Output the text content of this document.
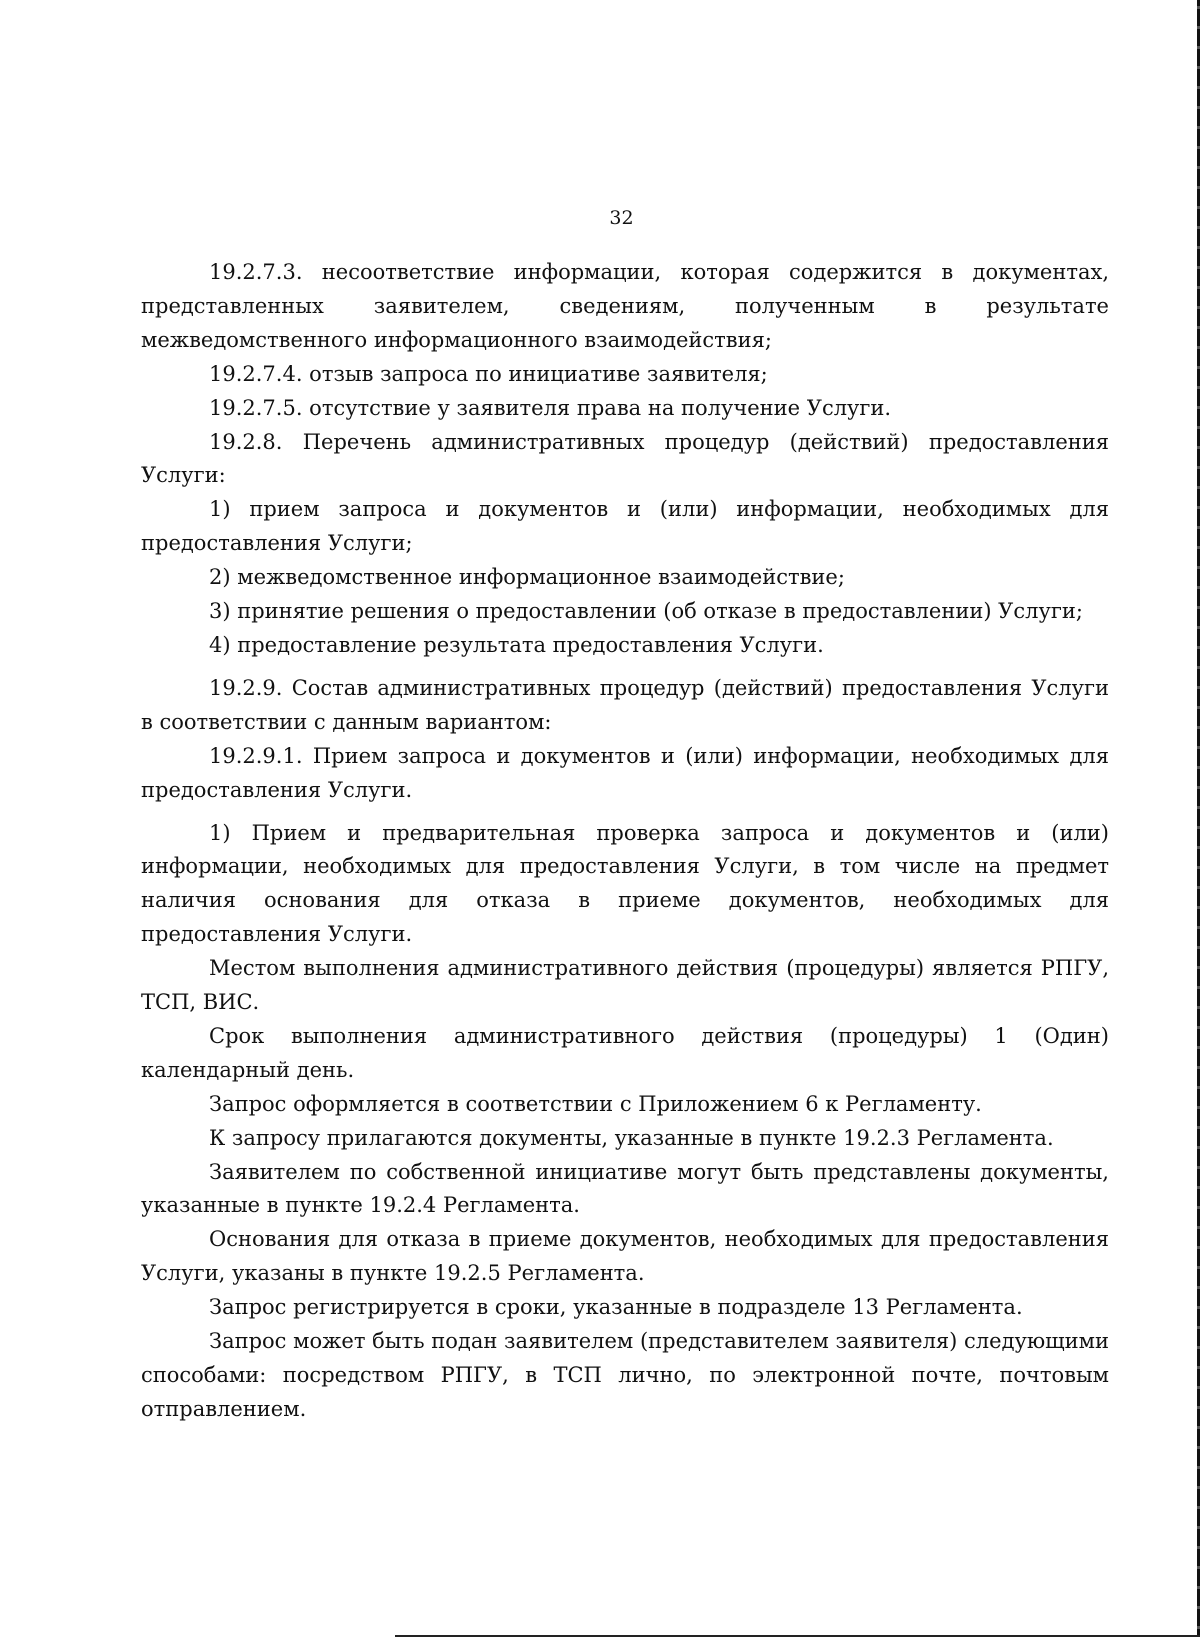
32

19.2.7.3. несоответствие информации, которая содержится в документах, представленных заявителем, сведениям, полученным в результате межведомственного информационного взаимодействия;

19.2.7.4. отзыв запроса по инициативе заявителя;

19.2.7.5. отсутствие у заявителя права на получение Услуги.

19.2.8. Перечень административных процедур (действий) предоставления Услуги:

1) прием запроса и документов и (или) информации, необходимых для предоставления Услуги;

2) межведомственное информационное взаимодействие;

3) принятие решения о предоставлении (об отказе в предоставлении) Услуги;

4) предоставление результата предоставления Услуги.

19.2.9. Состав административных процедур (действий) предоставления Услуги в соответствии с данным вариантом:

19.2.9.1. Прием запроса и документов и (или) информации, необходимых для предоставления Услуги.

1) Прием и предварительная проверка запроса и документов и (или) информации, необходимых для предоставления Услуги, в том числе на предмет наличия основания для отказа в приеме документов, необходимых для предоставления Услуги.

Местом выполнения административного действия (процедуры) является РПГУ, ТСП, ВИС.

Срок выполнения административного действия (процедуры) 1 (Один) календарный день.

Запрос оформляется в соответствии с Приложением 6 к Регламенту.

К запросу прилагаются документы, указанные в пункте 19.2.3 Регламента.

Заявителем по собственной инициативе могут быть представлены документы, указанные в пункте 19.2.4 Регламента.

Основания для отказа в приеме документов, необходимых для предоставления Услуги, указаны в пункте 19.2.5 Регламента.

Запрос регистрируется в сроки, указанные в подразделе 13 Регламента.

Запрос может быть подан заявителем (представителем заявителя) следующими способами: посредством РПГУ, в ТСП лично, по электронной почте, почтовым отправлением.
